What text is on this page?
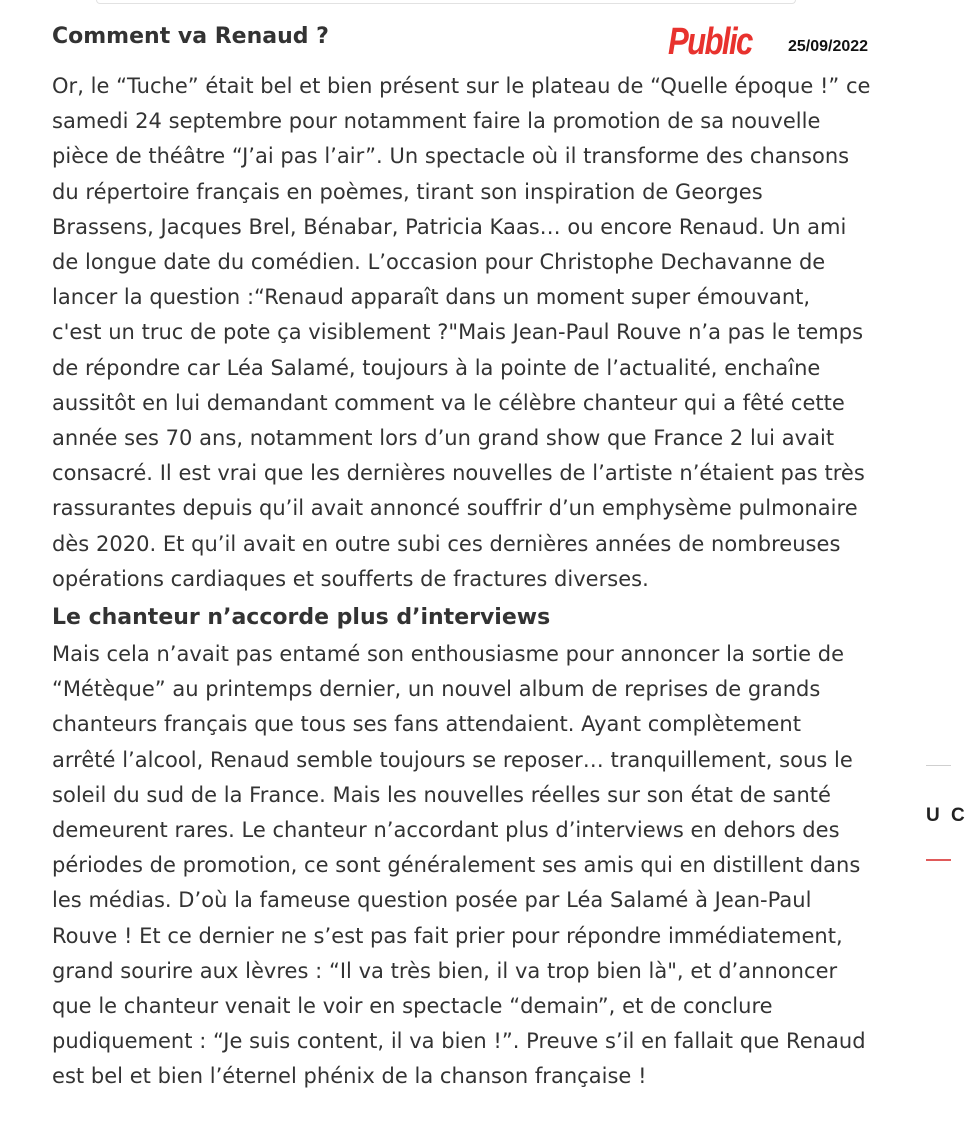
Comment va Renaud ?	Public 25/09/2022

Or, le “Tuche” était bel et bien présent sur le plateau de “Quelle époque !” ce
samedi 24 septembre pour notamment faire la promotion de sa nouvelle
pièce de théâtre “J’ai pas l’air”. Un spectacle où il transforme des chansons
du répertoire français en poèmes, tirant son inspiration de Georges
Brassens, Jacques Brel, Bénabar, Patricia Kaas… ou encore Renaud. Un ami
de longue date du comédien. L’occasion pour Christophe Dechavanne de
lancer la question :“Renaud apparaît dans un moment super émouvant,
c'est un truc de pote ça visiblement ?"Mais Jean-Paul Rouve n’a pas le temps
de répondre car Léa Salamé, toujours à la pointe de l’actualité, enchaîne
aussitôt en lui demandant comment va le célèbre chanteur qui a fêté cette
année ses 70 ans, notamment lors d’un grand show que France 2 lui avait
consacré. Il est vrai que les dernières nouvelles de l’artiste n’étaient pas très
rassurantes depuis qu’il avait annoncé souffrir d’un emphysème pulmonaire
dès 2020. Et qu’il avait en outre subi ces dernières années de nombreuses
opérations cardiaques et soufferts de fractures diverses.

Le chanteur n’accorde plus d’interviews

Mais cela n’avait pas entamé son enthousiasme pour annoncer la sortie de
“Métèque” au printemps dernier, un nouvel album de reprises de grands
chanteurs français que tous ses fans attendaient. Ayant complètement
arrêté l’alcool, Renaud semble toujours se reposer… tranquillement, sous le
soleil du sud de la France. Mais les nouvelles réelles sur son état de santé
demeurent rares. Le chanteur n’accordant plus d’interviews en dehors des
périodes de promotion, ce sont généralement ses amis qui en distillent dans
les médias. D’où la fameuse question posée par Léa Salamé à Jean-Paul
Rouve ! Et ce dernier ne s’est pas fait prier pour répondre immédiatement,
grand sourire aux lèvres : “Il va très bien, il va trop bien là", et d’annoncer
que le chanteur venait le voir en spectacle “demain”, et de conclure
pudiquement : “Je suis content, il va bien !”. Preuve s’il en fallait que Renaud
est bel et bien l’éternel phénix de la chanson française !

U C
